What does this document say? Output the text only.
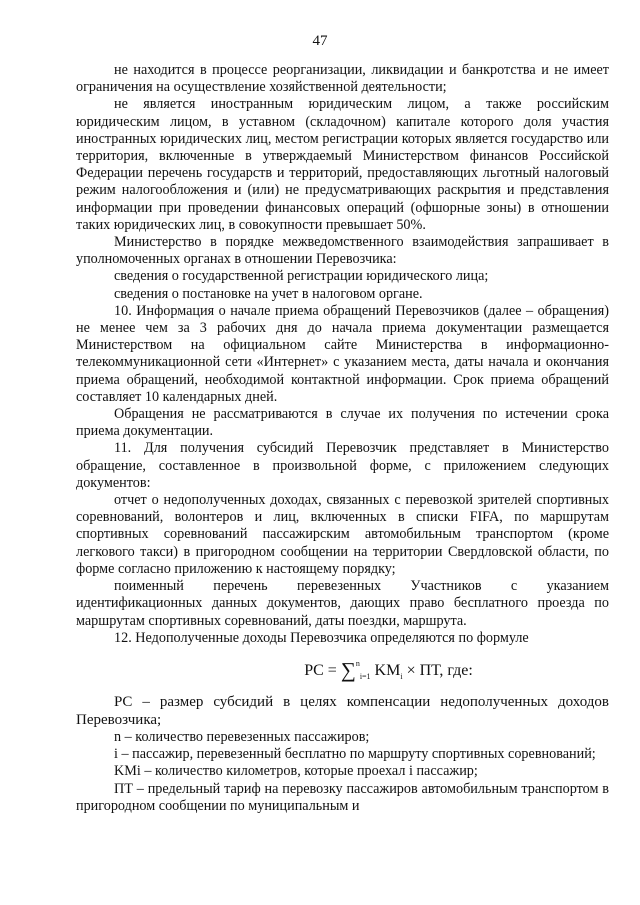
47

не находится в процессе реорганизации, ликвидации и банкротства и не имеет ограничения на осуществление хозяйственной деятельности;

не является иностранным юридическим лицом, а также российским юридическим лицом, в уставном (складочном) капитале которого доля участия иностранных юридических лиц, местом регистрации которых является государство или территория, включенные в утверждаемый Министерством финансов Российской Федерации перечень государств и территорий, предоставляющих льготный налоговый режим налогообложения и (или) не предусматривающих раскрытия и представления информации при проведении финансовых операций (офшорные зоны) в отношении таких юридических лиц, в совокупности превышает 50%.

Министерство в порядке межведомственного взаимодействия запрашивает в уполномоченных органах в отношении Перевозчика:

сведения о государственной регистрации юридического лица;

сведения о постановке на учет в налоговом органе.

10. Информация о начале приема обращений Перевозчиков (далее – обращения) не менее чем за 3 рабочих дня до начала приема документации размещается Министерством на официальном сайте Министерства в информационно-телекоммуникационной сети «Интернет» с указанием места, даты начала и окончания приема обращений, необходимой контактной информации. Срок приема обращений составляет 10 календарных дней.

Обращения не рассматриваются в случае их получения по истечении срока приема документации.

11. Для получения субсидий Перевозчик представляет в Министерство обращение, составленное в произвольной форме, с приложением следующих документов:

отчет о недополученных доходах, связанных с перевозкой зрителей спортивных соревнований, волонтеров и лиц, включенных в списки FIFA, по маршрутам спортивных соревнований пассажирским автомобильным транспортом (кроме легкового такси) в пригородном сообщении на территории Свердловской области, по форме согласно приложению к настоящему порядку;

поименный перечень перевезенных Участников с указанием идентификационных данных документов, дающих право бесплатного проезда по маршрутам спортивных соревнований, даты поездки, маршрута.

12. Недополученные доходы Перевозчика определяются по формуле

PC = ∑$^n_{i=1}$ $KM_i$ × ПТ, где:

PC – размер субсидий в целях компенсации недополученных доходов Перевозчика;

n – количество перевезенных пассажиров;

i – пассажир, перевезенный бесплатно по маршруту спортивных соревнований;

KMi – количество километров, которые проехал i пассажир;

ПТ – предельный тариф на перевозку пассажиров автомобильным транспортом в пригородном сообщении по муниципальным и
